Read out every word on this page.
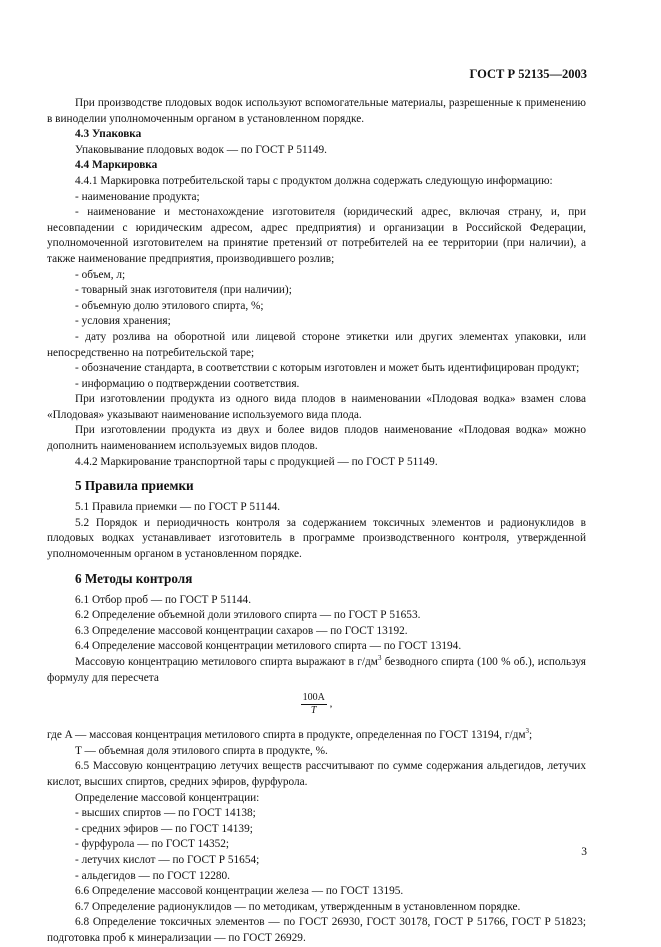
ГОСТ Р 52135—2003
При производстве плодовых водок используют вспомогательные материалы, разрешенные к применению в виноделии уполномоченным органом в установленном порядке.
4.3 Упаковка
Упаковывание плодовых водок — по ГОСТ Р 51149.
4.4 Маркировка
4.4.1 Маркировка потребительской тары с продуктом должна содержать следующую информацию:
- наименование продукта;
- наименование и местонахождение изготовителя (юридический адрес, включая страну, и, при несовпадении с юридическим адресом, адрес предприятия) и организации в Российской Федерации, уполномоченной изготовителем на принятие претензий от потребителей на ее территории (при наличии), а также наименование предприятия, производившего розлив;
- объем, л;
- товарный знак изготовителя (при наличии);
- объемную долю этилового спирта, %;
- условия хранения;
- дату розлива на оборотной или лицевой стороне этикетки или других элементах упаковки, или непосредственно на потребительской таре;
- обозначение стандарта, в соответствии с которым изготовлен и может быть идентифицирован продукт;
- информацию о подтверждении соответствия.
При изготовлении продукта из одного вида плодов в наименовании «Плодовая водка» взамен слова «Плодовая» указывают наименование используемого вида плода.
При изготовлении продукта из двух и более видов плодов наименование «Плодовая водка» можно дополнить наименованием используемых видов плодов.
4.4.2 Маркирование транспортной тары с продукцией — по ГОСТ Р 51149.
5 Правила приемки
5.1 Правила приемки — по ГОСТ Р 51144.
5.2 Порядок и периодичность контроля за содержанием токсичных элементов и радионуклидов в плодовых водках устанавливает изготовитель в программе производственного контроля, утвержденной уполномоченным органом в установленном порядке.
6 Методы контроля
6.1 Отбор проб — по ГОСТ Р 51144.
6.2 Определение объемной доли этилового спирта — по ГОСТ Р 51653.
6.3 Определение массовой концентрации сахаров — по ГОСТ 13192.
6.4 Определение массовой концентрации метилового спирта — по ГОСТ 13194.
Массовую концентрацию метилового спирта выражают в $г/дм^3$ безводного спирта (100 % об.), используя формулу для пересчета
$\frac{100A}{T}$ ,
где A — массовая концентрация метилового спирта в продукте, определенная по ГОСТ 13194, $г/дм^3$;
T — объемная доля этилового спирта в продукте, %.
6.5 Массовую концентрацию летучих веществ рассчитывают по сумме содержания альдегидов, летучих кислот, высших спиртов, средних эфиров, фурфурола.
Определение массовой концентрации:
- высших спиртов — по ГОСТ 14138;
- средних эфиров — по ГОСТ 14139;
- фурфурола — по ГОСТ 14352;
- летучих кислот — по ГОСТ Р 51654;
- альдегидов — по ГОСТ 12280.
6.6 Определение массовой концентрации железа — по ГОСТ 13195.
6.7 Определение радионуклидов — по методикам, утвержденным в установленном порядке.
6.8 Определение токсичных элементов — по ГОСТ 26930, ГОСТ 30178, ГОСТ Р 51766, ГОСТ Р 51823; подготовка проб к минерализации — по ГОСТ 26929.
3
